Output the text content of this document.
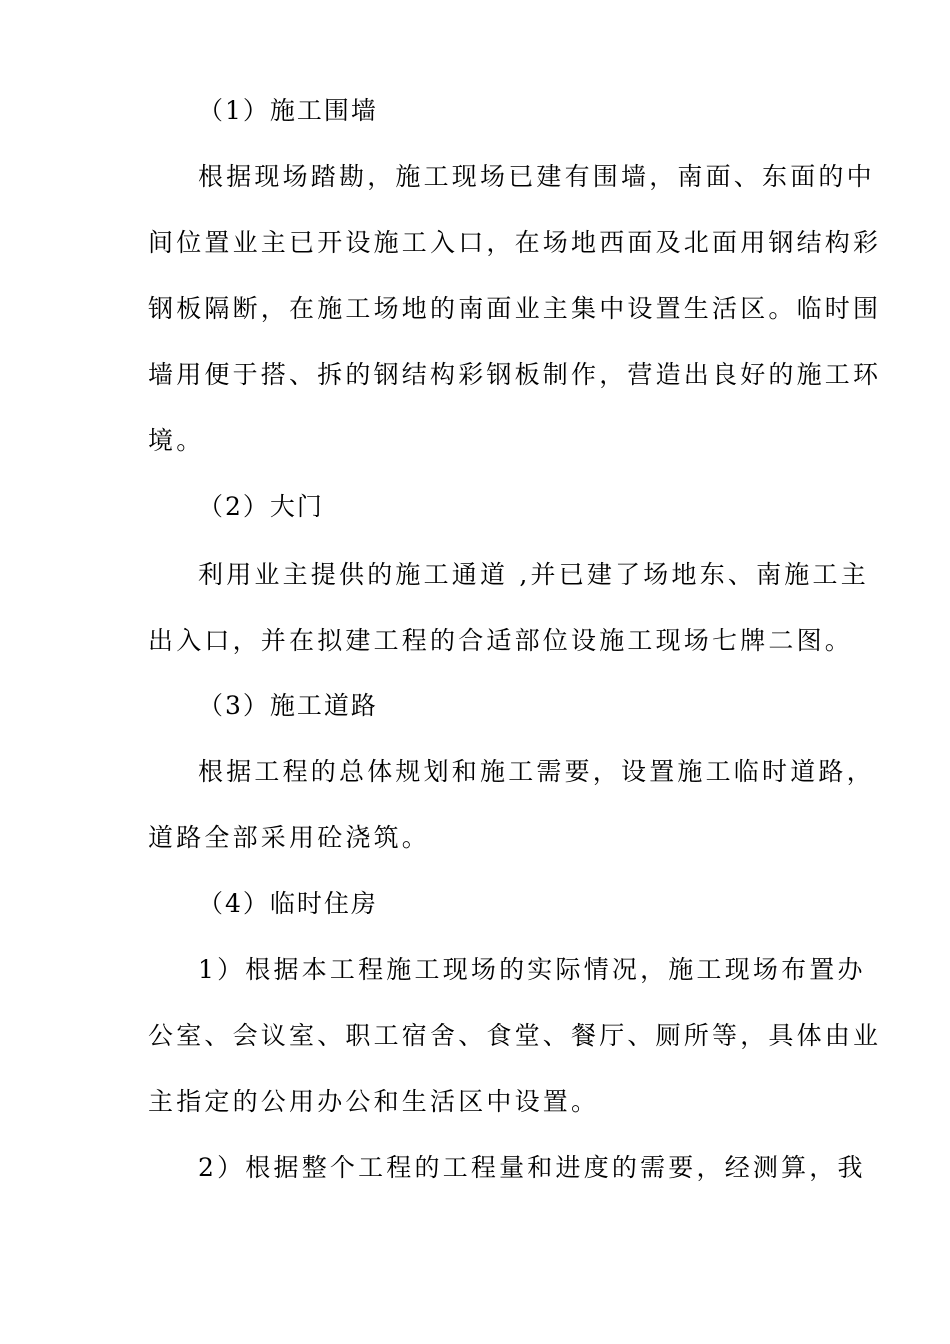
（1）施工围墙
根据现场踏勘，施工现场已建有围墙，南面、东面的中
间位置业主已开设施工入口，在场地西面及北面用钢结构彩
钢板隔断，在施工场地的南面业主集中设置生活区。临时围
墙用便于搭、拆的钢结构彩钢板制作，营造出良好的施工环
境。
（2）大门
利用业主提供的施工通道 ,并已建了场地东、南施工主
出入口，并在拟建工程的合适部位设施工现场七牌二图。
（3）施工道路
根据工程的总体规划和施工需要，设置施工临时道路，
道路全部采用砼浇筑。
（4）临时住房
1）根据本工程施工现场的实际情况，施工现场布置办
公室、会议室、职工宿舍、食堂、餐厅、厕所等，具体由业
主指定的公用办公和生活区中设置。
2）根据整个工程的工程量和进度的需要，经测算，我
